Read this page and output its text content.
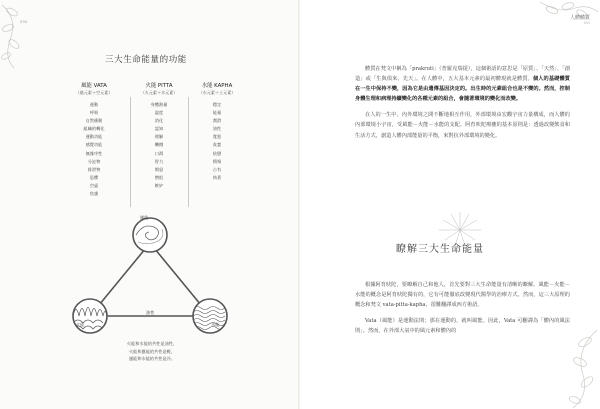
030
三大生命能量的功能
風能 VATA
（風元素＋空元素）
運動
呼吸
自然衝動
組織的轉化
運動功能
感覺功能
無緣序性
分泌物
排泄物
恐懼
空虛
焦慮
火能 PITTA
（火元素＋水元素）
身體熱量
溫度
消化
認知
理解
饑餓
口渴
智力
憤怒
憎恨
嫉妒
水能 KAPHA
（水元素＋土元素）
穩定
能量
潤滑
油性
寬恕
貪婪
依戀
積聚
占有
執著
風能
火能	水能
油性
火能和水能的共性是油性，
火能和風能的共性是輕，
風能和水能的共性是冷。
人體體質
031

體質在梵文中稱為「prakruti」（普羅克瑞提），這個術語的意思是「原質」、「天然」、「創造」或「生與俱來、先天」。在人體中，五大基本元素的最初體現就是體質。個人的基礎體質在一生中保持不變，因為它是由遺傳基因決定的。出生時的元素組合也是不變的。然而，控制身體生理和病理持續變化的各種元素的組合，會隨著環境的變化而改變。

在人的一生中，內外環境之間不斷地相互作用，外部環境由宏觀宇宙力量構成，而人體的內部環境小宇宙，受風能－火能－水能的支配。阿育吠陀療癒的基本原則是：透過改變飲食和生活方式，創造人體內部能量的平衡，來對抗外部環境的變化。

瞭解三大生命能量

根據阿育吠陀，要瞭解自己和他人，首先要對三大生命能量有清晰的瞭解。風能－火能－水能的概念是阿育吠陀獨有的，它有可能徹底改變現代醫學的治療方式。然而，這三大原理的概念和梵文 vata-pitta-kapha，很難翻譯成西方術語。

Vata（風能）是運動法則；那在運動的，就叫風能。因此，Vata 可翻譯為「體內的風法則」。然而，在外部大氣中的風元素和體內的
